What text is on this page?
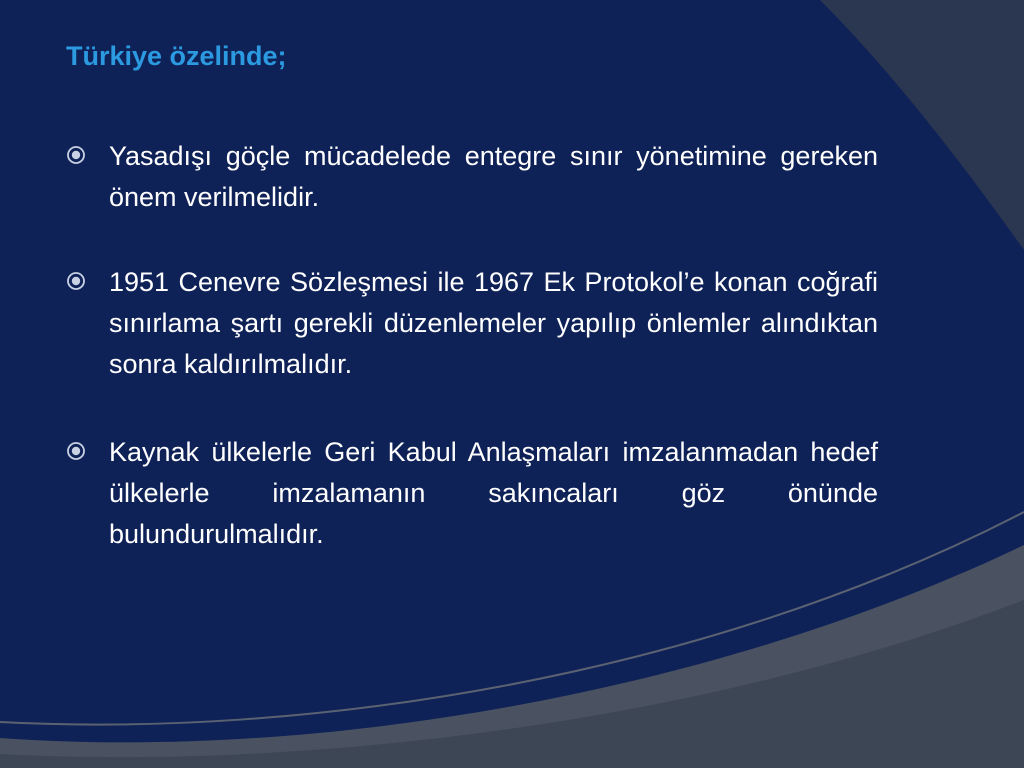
Türkiye özelinde;
Yasadışı göçle mücadelede entegre sınır yönetimine gereken önem verilmelidir.
1951 Cenevre Sözleşmesi ile 1967 Ek Protokol’e konan coğrafi sınırlama şartı gerekli düzenlemeler yapılıp önlemler alındıktan sonra kaldırılmalıdır.
Kaynak ülkelerle Geri Kabul Anlaşmaları imzalanmadan hedef ülkelerle imzalamanın sakıncaları göz önünde bulundurulmalıdır.
